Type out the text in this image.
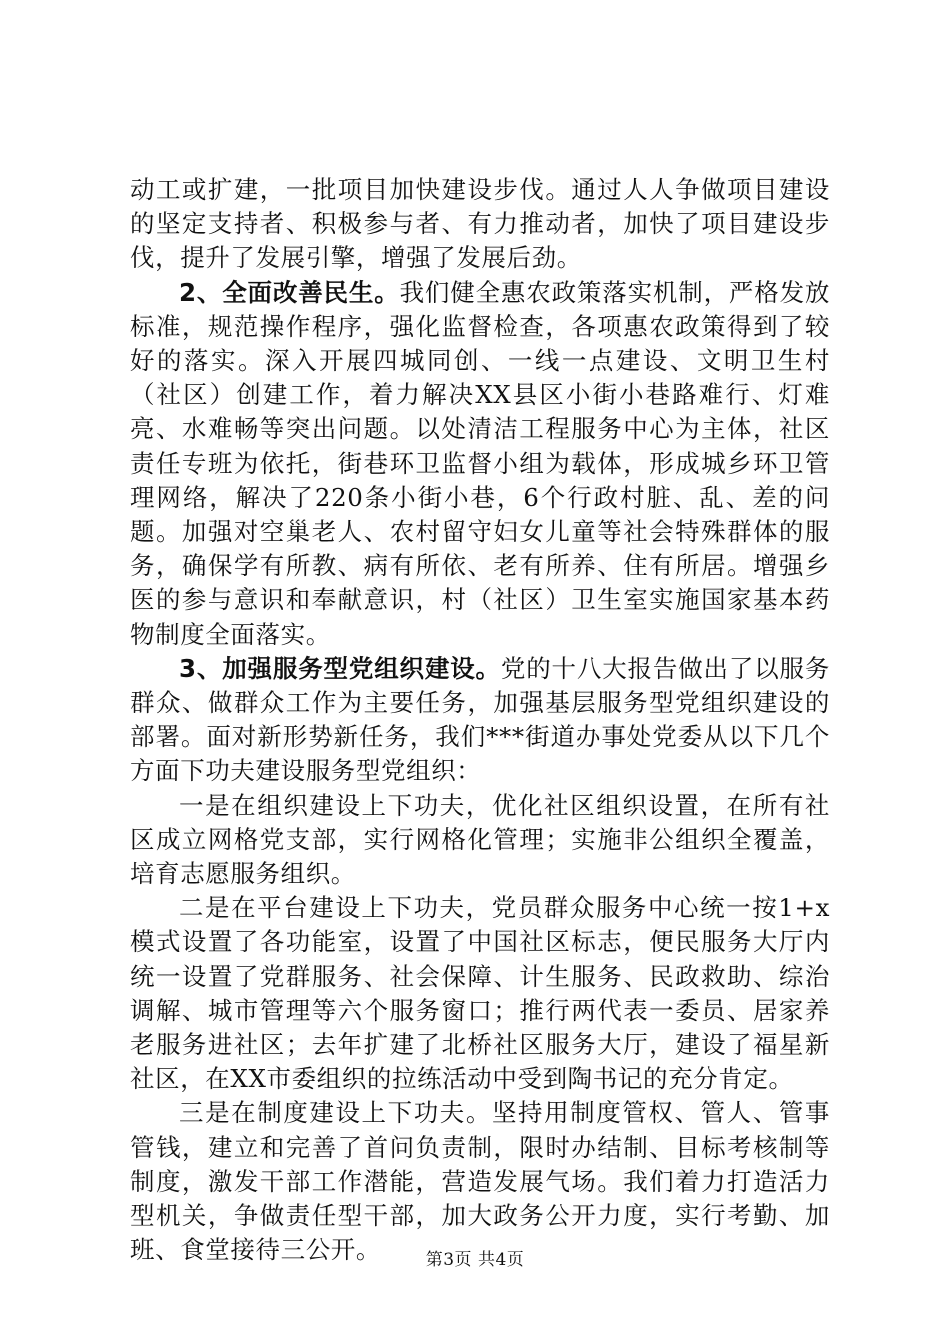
动工或扩建，一批项目加快建设步伐。通过人人争做项目建设的坚定支持者、积极参与者、有力推动者，加快了项目建设步伐，提升了发展引擎，增强了发展后劲。

2、全面改善民生。我们健全惠农政策落实机制，严格发放标准，规范操作程序，强化监督检查，各项惠农政策得到了较好的落实。深入开展四城同创、一线一点建设、文明卫生村（社区）创建工作，着力解决XX县区小街小巷路难行、灯难亮、水难畅等突出问题。以处清洁工程服务中心为主体，社区责任专班为依托，街巷环卫监督小组为载体，形成城乡环卫管理网络，解决了220条小街小巷，6个行政村脏、乱、差的问题。加强对空巢老人、农村留守妇女儿童等社会特殊群体的服务，确保学有所教、病有所依、老有所养、住有所居。增强乡医的参与意识和奉献意识，村（社区）卫生室实施国家基本药物制度全面落实。

3、加强服务型党组织建设。党的十八大报告做出了以服务群众、做群众工作为主要任务，加强基层服务型党组织建设的部署。面对新形势新任务，我们***街道办事处党委从以下几个方面下功夫建设服务型党组织：

一是在组织建设上下功夫，优化社区组织设置，在所有社区成立网格党支部，实行网格化管理；实施非公组织全覆盖，培育志愿服务组织。

二是在平台建设上下功夫，党员群众服务中心统一按1+x模式设置了各功能室，设置了中国社区标志，便民服务大厅内统一设置了党群服务、社会保障、计生服务、民政救助、综治调解、城市管理等六个服务窗口；推行两代表一委员、居家养老服务进社区；去年扩建了北桥社区服务大厅，建设了福星新社区，在XX市委组织的拉练活动中受到陶书记的充分肯定。

三是在制度建设上下功夫。坚持用制度管权、管人、管事管钱，建立和完善了首问负责制，限时办结制、目标考核制等制度，激发干部工作潜能，营造发展气场。我们着力打造活力型机关，争做责任型干部，加大政务公开力度，实行考勤、加班、食堂接待三公开。	第3页 共4页
